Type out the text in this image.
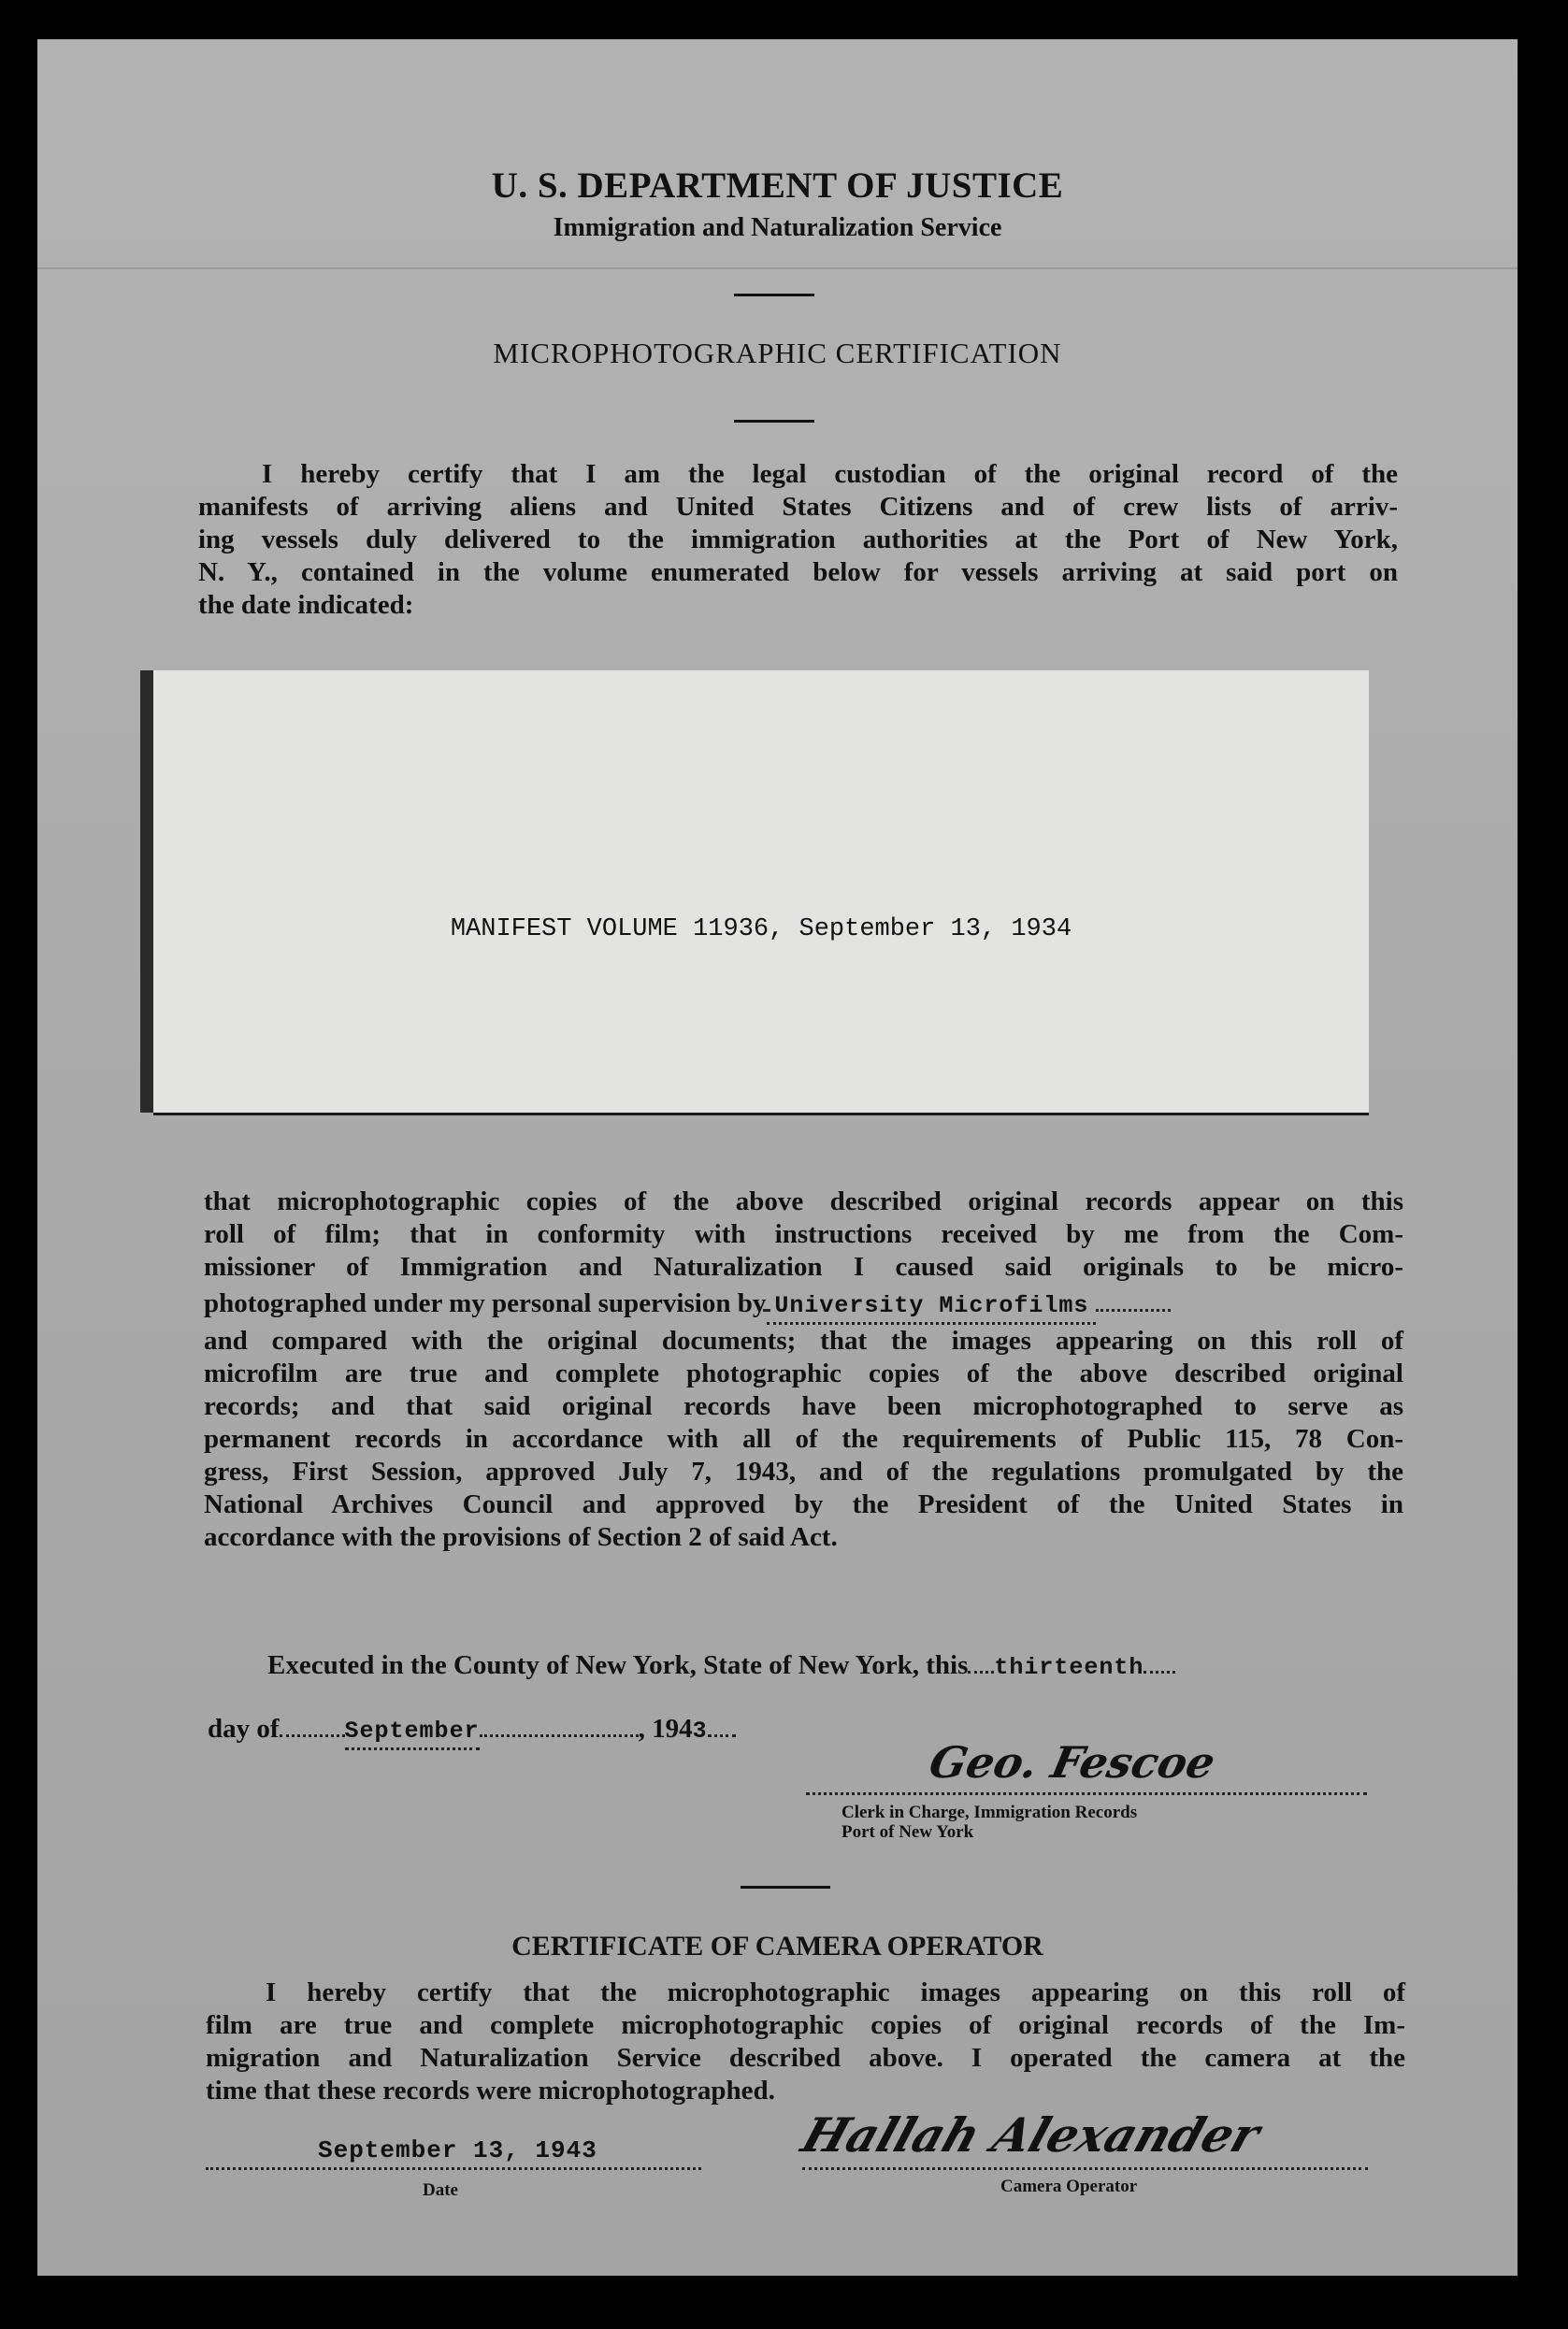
U. S. DEPARTMENT OF JUSTICE
Immigration and Naturalization Service
MICROPHOTOGRAPHIC CERTIFICATION
I hereby certify that I am the legal custodian of the original record of the
manifests of arriving aliens and United States Citizens and of crew lists of arriv-
ing vessels duly delivered to the immigration authorities at the Port of New York,
N. Y., contained in the volume enumerated below for vessels arriving at said port on
the date indicated:
MANIFEST VOLUME 11936, September 13, 1934
that microphotographic copies of the above described original records appear on this
roll of film; that in conformity with instructions received by me from the Com-
missioner of Immigration and Naturalization I caused said originals to be micro-
photographed under my personal supervision by University Microfilms
and compared with the original documents; that the images appearing on this roll of
microfilm are true and complete photographic copies of the above described original
records; and that said original records have been microphotographed to serve as
permanent records in accordance with all of the requirements of Public 115, 78 Con-
gress, First Session, approved July 7, 1943, and of the regulations promulgated by the
National Archives Council and approved by the President of the United States in
accordance with the provisions of Section 2 of said Act.
Executed in the County of New York, State of New York, this thirteenth
day of	September	, 1943
Geo. Fescoe
Clerk in Charge, Immigration Records
Port of New York
CERTIFICATE OF CAMERA OPERATOR
I hereby certify that the microphotographic images appearing on this roll of
film are true and complete microphotographic copies of original records of the Im-
migration and Naturalization Service described above. I operated the camera at the
time that these records were microphotographed.
September 13, 1943
Date
Hallah Alexander
Camera Operator
